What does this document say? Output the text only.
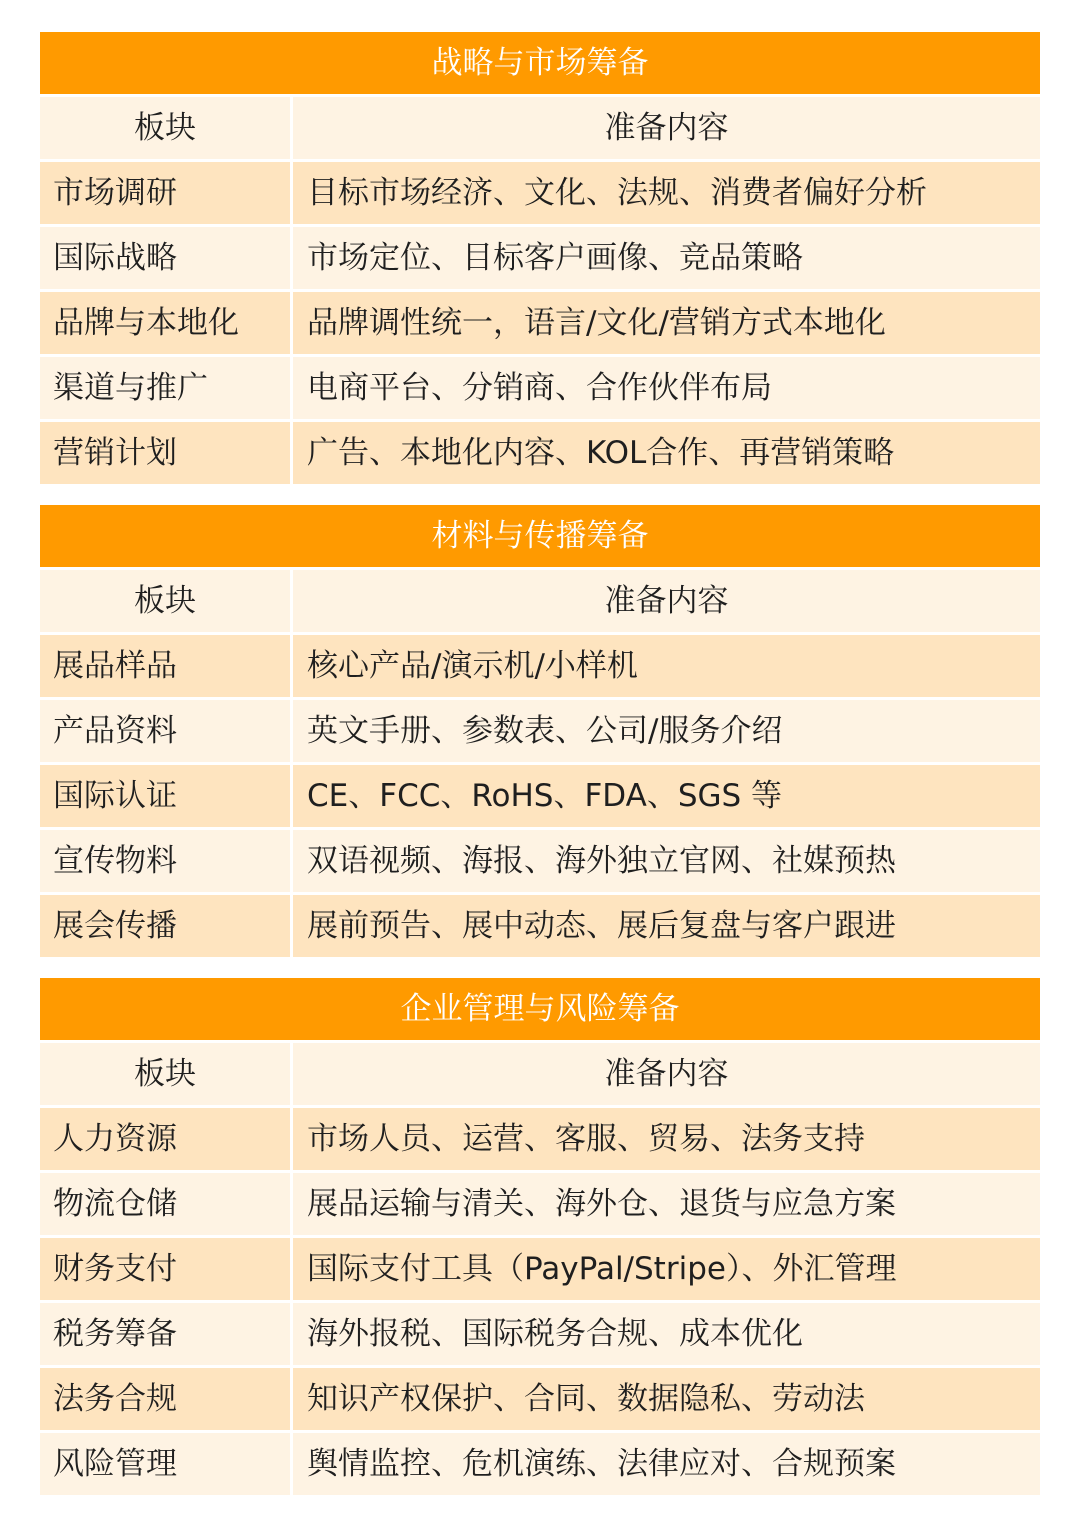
战略与市场筹备
板块	准备内容
市场调研	目标市场经济、文化、法规、消费者偏好分析
国际战略	市场定位、目标客户画像、竞品策略
品牌与本地化	品牌调性统一，语言/文化/营销方式本地化
渠道与推广	电商平台、分销商、合作伙伴布局
营销计划	广告、本地化内容、KOL合作、再营销策略
材料与传播筹备
板块	准备内容
展品样品	核心产品/演示机/小样机
产品资料	英文手册、参数表、公司/服务介绍
国际认证	CE、FCC、RoHS、FDA、SGS 等
宣传物料	双语视频、海报、海外独立官网、社媒预热
展会传播	展前预告、展中动态、展后复盘与客户跟进
企业管理与风险筹备
板块	准备内容
人力资源	市场人员、运营、客服、贸易、法务支持
物流仓储	展品运输与清关、海外仓、退货与应急方案
财务支付	国际支付工具（PayPal/Stripe）、外汇管理
税务筹备	海外报税、国际税务合规、成本优化
法务合规	知识产权保护、合同、数据隐私、劳动法
风险管理	舆情监控、危机演练、法律应对、合规预案
